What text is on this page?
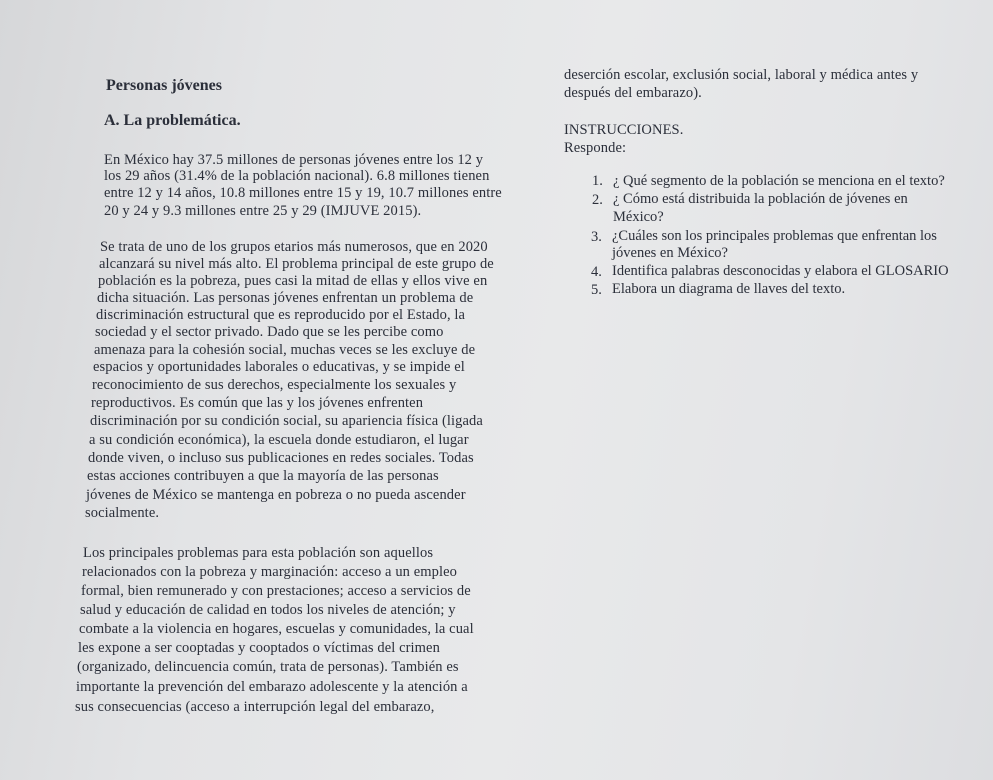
Personas jóvenes
A. La problemática.
En México hay 37.5 millones de personas jóvenes entre los 12 y
los 29 años (31.4% de la población nacional). 6.8 millones tienen
entre 12 y 14 años, 10.8 millones entre 15 y 19, 10.7 millones entre
20 y 24 y 9.3 millones entre 25 y 29 (IMJUVE 2015).
Se trata de uno de los grupos etarios más numerosos, que en 2020
alcanzará su nivel más alto. El problema principal de este grupo de
población es la pobreza, pues casi la mitad de ellas y ellos vive en
dicha situación. Las personas jóvenes enfrentan un problema de
discriminación estructural que es reproducido por el Estado, la
sociedad y el sector privado. Dado que se les percibe como
amenaza para la cohesión social, muchas veces se les excluye de
espacios y oportunidades laborales o educativas, y se impide el
reconocimiento de sus derechos, especialmente los sexuales y
reproductivos. Es común que las y los jóvenes enfrenten
discriminación por su condición social, su apariencia física (ligada
a su condición económica), la escuela donde estudiaron, el lugar
donde viven, o incluso sus publicaciones en redes sociales. Todas
estas acciones contribuyen a que la mayoría de las personas
jóvenes de México se mantenga en pobreza o no pueda ascender
socialmente.
Los principales problemas para esta población son aquellos
relacionados con la pobreza y marginación: acceso a un empleo
formal, bien remunerado y con prestaciones; acceso a servicios de
salud y educación de calidad en todos los niveles de atención; y
combate a la violencia en hogares, escuelas y comunidades, la cual
les expone a ser cooptadas y cooptados o víctimas del crimen
(organizado, delincuencia común, trata de personas). También es
importante la prevención del embarazo adolescente y la atención a
sus consecuencias (acceso a interrupción legal del embarazo,
deserción escolar, exclusión social, laboral y médica antes y
después del embarazo).
INSTRUCCIONES.
Responde:
1. ¿ Qué segmento de la población se menciona en el texto?
2. ¿ Cómo está distribuida la población de jóvenes en
México?
3. ¿Cuáles son los principales problemas que enfrentan los
jóvenes en México?
4. Identifica palabras desconocidas y elabora el GLOSARIO
5. Elabora un diagrama de llaves del texto.
